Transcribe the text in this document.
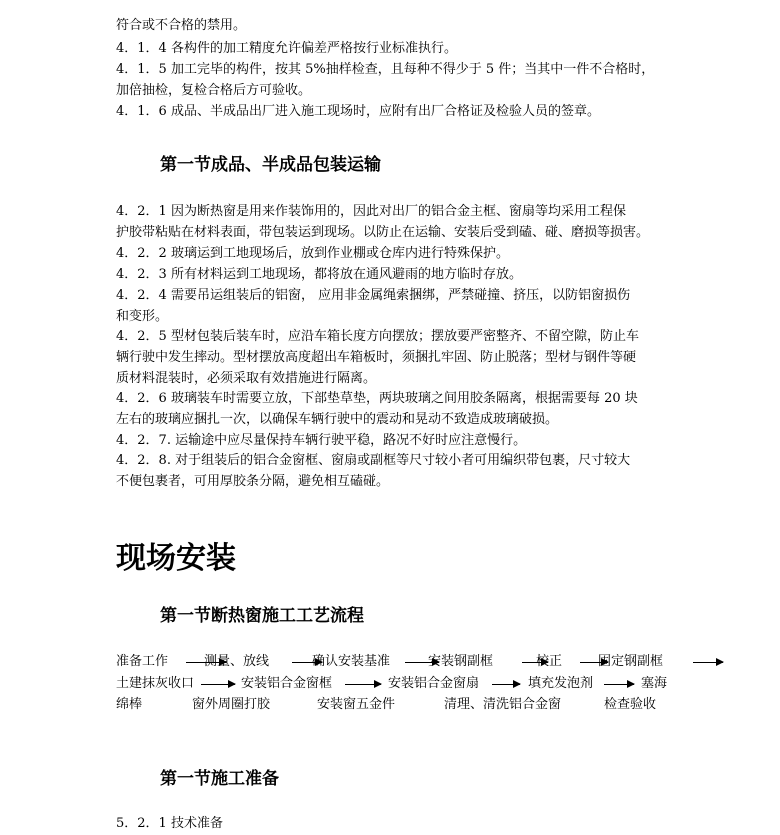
符合或不合格的禁用。
4．1．4 各构件的加工精度允许偏差严格按行业标准执行。
4．1．5 加工完毕的构件，按其 5%抽样检查，且每种不得少于 5 件；当其中一件不合格时，
加倍抽检，复检合格后方可验收。
4．1．6 成品、半成品出厂进入施工现场时，应附有出厂合格证及检验人员的签章。
第一节成品、半成品包装运输
4．2．1 因为断热窗是用来作装饰用的，因此对出厂的铝合金主框、窗扇等均采用工程保
护胶带粘贴在材料表面，带包装运到现场。以防止在运输、安装后受到磕、碰、磨损等损害。
4．2．2 玻璃运到工地现场后，放到作业棚或仓库内进行特殊保护。
4．2．3 所有材料运到工地现场，都将放在通风避雨的地方临时存放。
4．2．4 需要吊运组装后的铝窗， 应用非金属绳索捆绑，严禁碰撞、挤压，以防铝窗损伤
和变形。
4．2．5 型材包装后装车时，应沿车箱长度方向摆放；摆放要严密整齐、不留空隙，防止车
辆行驶中发生摔动。型材摆放高度超出车箱板时，须捆扎牢固、防止脱落；型材与钢件等硬
质材料混装时，必须采取有效措施进行隔离。
4．2．6 玻璃装车时需要立放，下部垫草垫，两块玻璃之间用胶条隔离，根据需要每 20 块
左右的玻璃应捆扎一次，以确保车辆行驶中的震动和晃动不致造成玻璃破损。
4．2．7. 运输途中应尽量保持车辆行驶平稳，路况不好时应注意慢行。
4．2．8. 对于组装后的铝合金窗框、窗扇或副框等尺寸较小者可用编织带包裹，尺寸较大
不便包裹者，可用厚胶条分隔，避免相互磕碰。
现场安装
第一节断热窗施工工艺流程
准备工作	测量、放线	确认安装基准	安装钢副框	校正	固定钢副框
土建抹灰收口	安装铝合金窗框	安装铝合金窗扇	填充发泡剂	塞海
绵棒	窗外周圈打胶	安装窗五金件	清理、清洗铝合金窗	检查验收
第一节施工准备
5．2．1 技术准备
